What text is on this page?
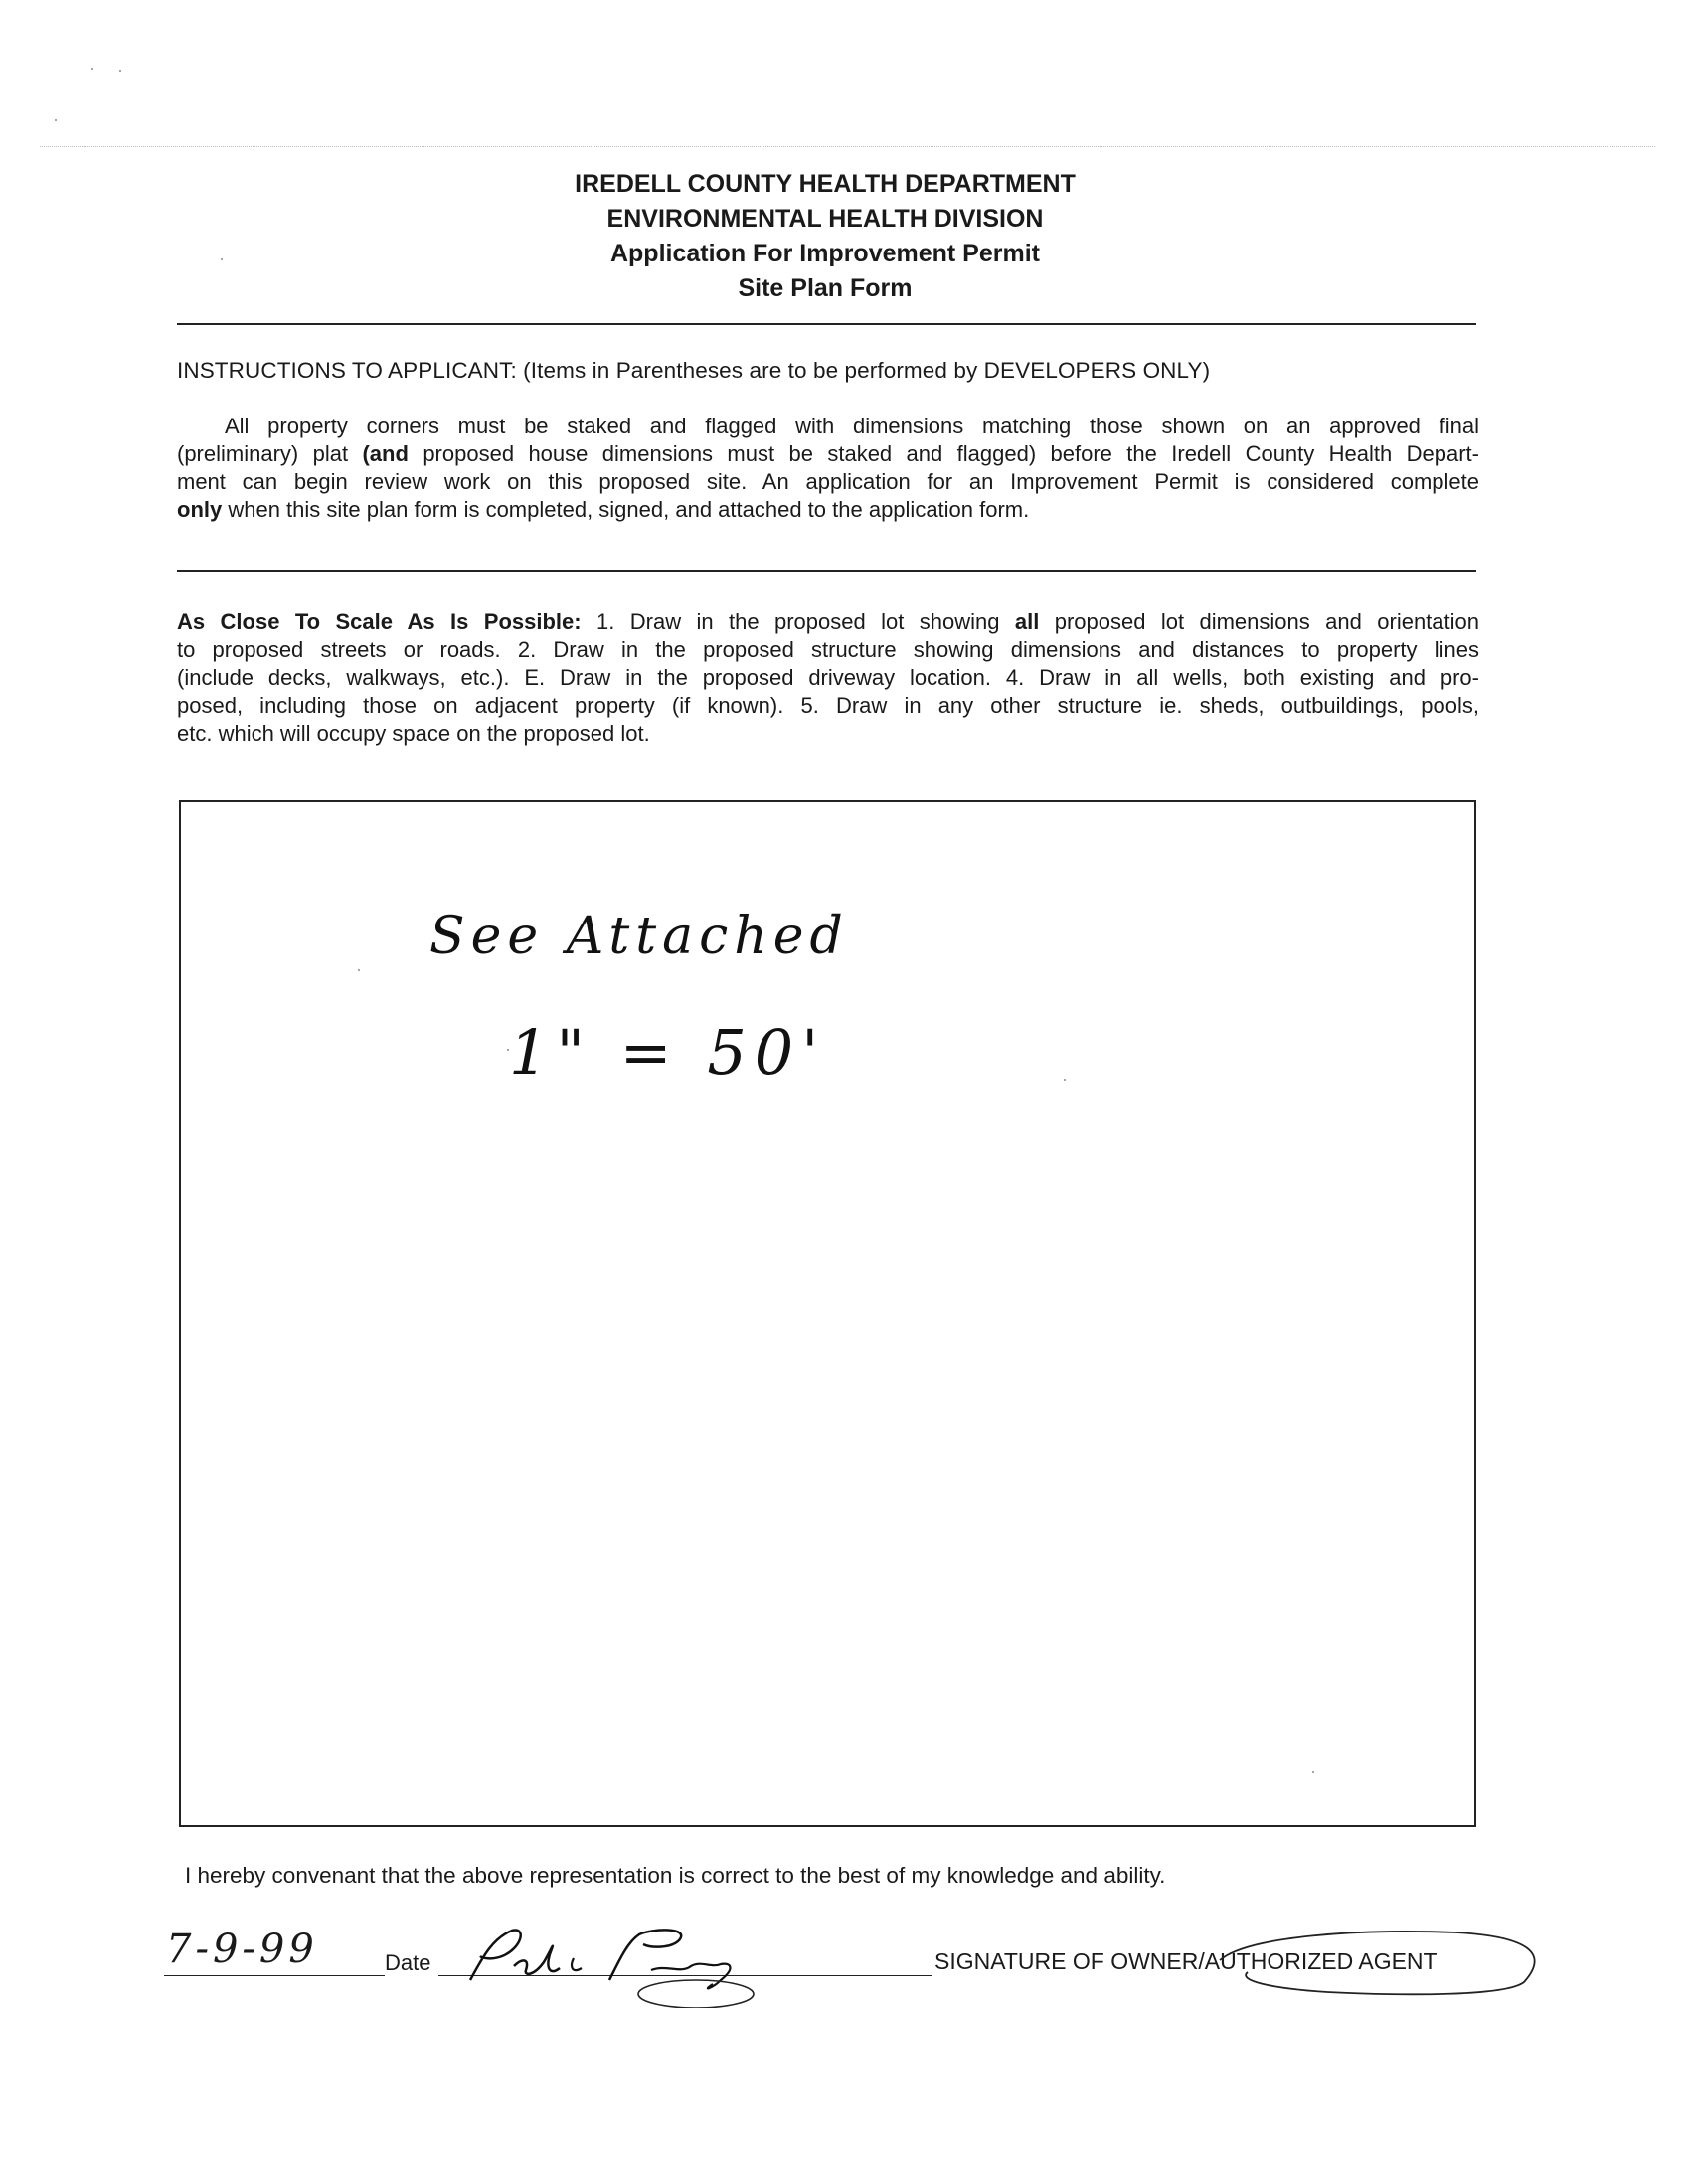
IREDELL COUNTY HEALTH DEPARTMENT
ENVIRONMENTAL HEALTH DIVISION
Application For Improvement Permit
Site Plan Form
INSTRUCTIONS TO APPLICANT: (Items in Parentheses are to be performed by DEVELOPERS ONLY)
All property corners must be staked and flagged with dimensions matching those shown on an approved final
(preliminary) plat (and proposed house dimensions must be staked and flagged) before the Iredell County Health Depart-
ment can begin review work on this proposed site. An application for an Improvement Permit is considered complete
only when this site plan form is completed, signed, and attached to the application form.
As Close To Scale As Is Possible: 1. Draw in the proposed lot showing all proposed lot dimensions and orientation
to proposed streets or roads. 2. Draw in the proposed structure showing dimensions and distances to property lines
(include decks, walkways, etc.). E. Draw in the proposed driveway location. 4. Draw in all wells, both existing and pro-
posed, including those on adjacent property (if known). 5. Draw in any other structure ie. sheds, outbuildings, pools,
etc. which will occupy space on the proposed lot.
See Attached
1" = 50'
I hereby convenant that the above representation is correct to the best of my knowledge and ability.
7-9-99	Date	SIGNATURE OF OWNER/AUTHORIZED AGENT
